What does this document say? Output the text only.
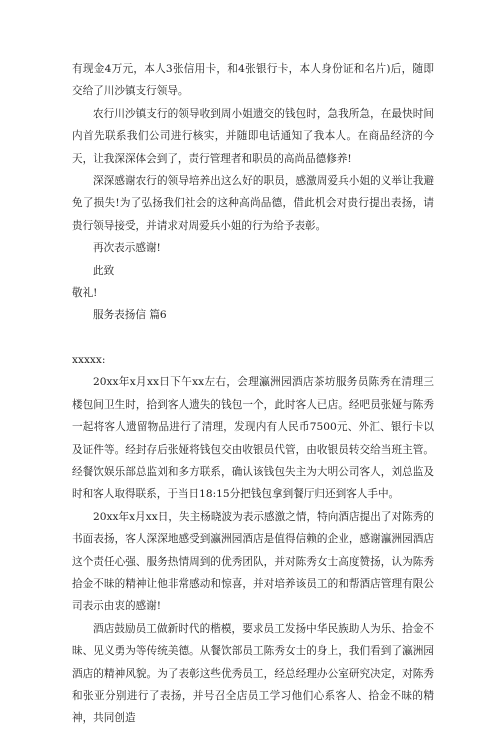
有现金4万元，本人3张信用卡，和4张银行卡，本人身份证和名片)后，随即交给了川沙镇支行领导。

农行川沙镇支行的领导收到周小姐遗交的钱包时，急我所急，在最快时间内首先联系我们公司进行核实，并随即电话通知了我本人。在商品经济的今天，让我深深体会到了，责行管理者和职员的高尚品德修养!

深深感谢农行的领导培养出这么好的职员，感激周爱兵小姐的义举让我避免了损失!为了弘扬我们社会的这种高尚品德，借此机会对贵行提出表扬，请贵行领导接受，并请求对周爱兵小姐的行为给予表彰。

再次表示感谢!

此致

敬礼!

服务表扬信 篇6

xxxxx:

20xx年x月xx日下午xx左右，会理瀛洲园酒店茶坊服务员陈秀在清理三楼包间卫生时，拾到客人遗失的钱包一个，此时客人已店。经吧员张娅与陈秀一起将客人遗留物品进行了清理，发现内有人民币7500元、外汇、银行卡以及证件等。经封存后张娅将钱包交由收银员代管，由收银员转交给当班主管。经餐饮娱乐部总监刘和多方联系，确认该钱包失主为大明公司客人，刘总监及时和客人取得联系，于当日18:15分把钱包拿到餐厅归还到客人手中。

20xx年x月xx日，失主杨晓波为表示感激之情，特向酒店提出了对陈秀的书面表扬，客人深深地感受到瀛洲园酒店是值得信赖的企业，感谢瀛洲园酒店这个责任心强、服务热情周到的优秀团队，并对陈秀女士高度赞扬，认为陈秀拾金不昧的精神让他非常感动和惊喜，并对培养该员工的和帮酒店管理有限公司表示由衷的感谢!

酒店鼓励员工做新时代的楷模，要求员工发扬中华民族助人为乐、拾金不昧、见义勇为等传统美德。从餐饮部员工陈秀女士的身上，我们看到了瀛洲园酒店的精神风貌。为了表彰这些优秀员工，经总经理办公室研究决定，对陈秀和张亚分别进行了表扬，并号召全店员工学习他们心系客人、拾金不昧的精神，共同创造
